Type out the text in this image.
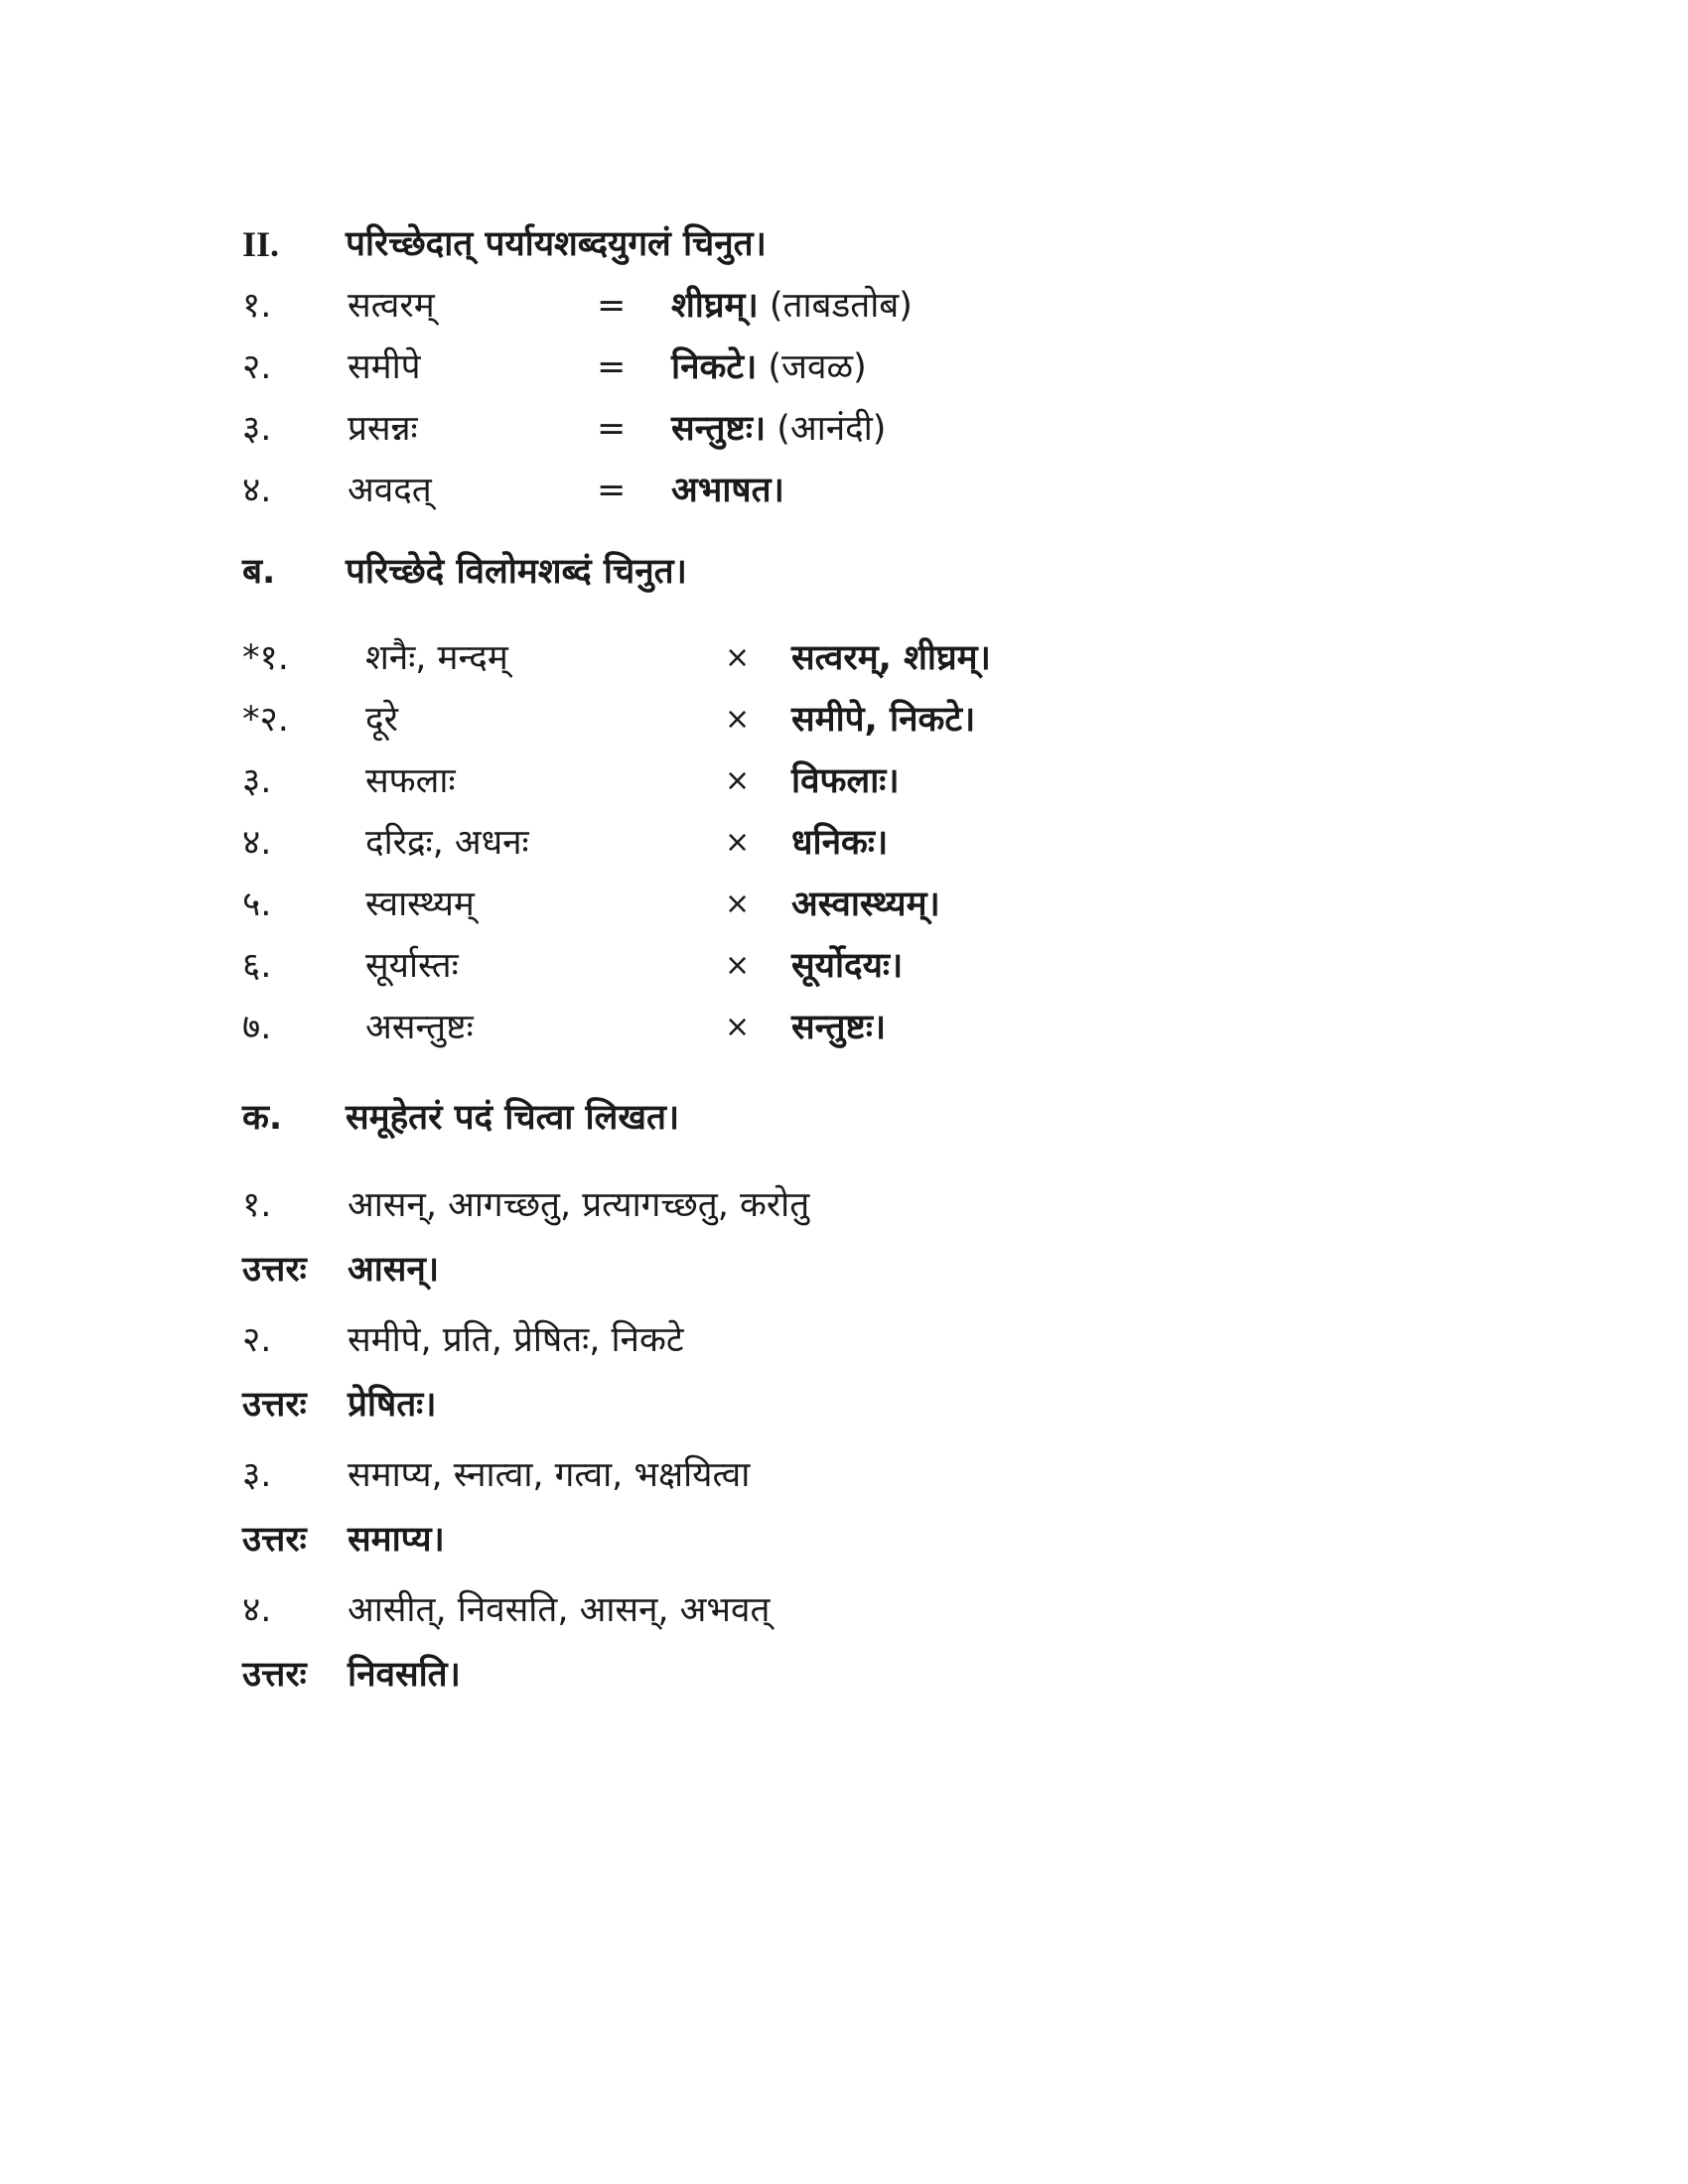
II. परिच्छेदात् पर्यायशब्दयुगलं चिनुत।
१. सत्वरम्	= शीघ्रम्। (ताबडतोब)
२. समीपे	= निकटे। (जवळ)
३. प्रसन्नः	= सन्तुष्टः। (आनंदी)
४. अवदत्	= अभाषत।
ब. परिच्छेदे विलोमशब्दं चिनुत।
*१. शनैः, मन्दम्	× सत्वरम्, शीघ्रम्।
*२. दूरे	× समीपे, निकटे।
३.	सफलाः	× विफलाः।
४.	दरिद्रः, अधनः	× धनिकः।
५.	स्वास्थ्यम्	× अस्वास्थ्यम्।
६.	सूर्यास्तः	× सूर्योदयः।
७.	असन्तुष्टः	× सन्तुष्टः।
क. समूहेतरं पदं चित्वा लिखत।
१. आसन्, आगच्छतु, प्रत्यागच्छतु, करोतु
उत्तरः आसन्।
२. समीपे, प्रति, प्रेषितः, निकटे
उत्तरः प्रेषितः।
३. समाप्य, स्नात्वा, गत्वा, भक्षयित्वा
उत्तरः समाप्य।
४. आसीत्, निवसति, आसन्, अभवत्
उत्तरः निवसति।
